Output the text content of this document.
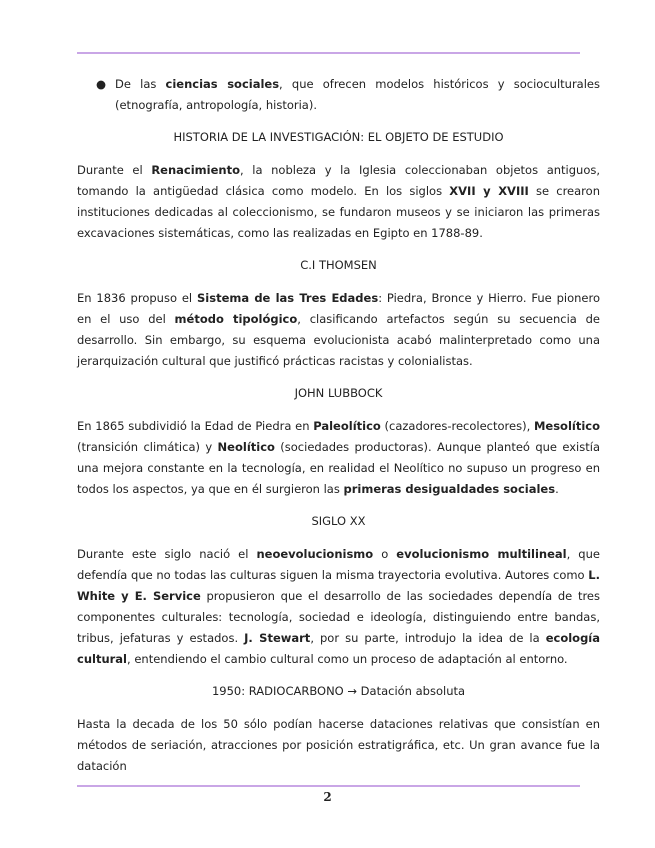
● De las ciencias sociales, que ofrecen modelos históricos y socioculturales (etnografía, antropología, historia).
HISTORIA DE LA INVESTIGACIÓN: EL OBJETO DE ESTUDIO

Durante el Renacimiento, la nobleza y la Iglesia coleccionaban objetos antiguos, tomando la antigüedad clásica como modelo. En los siglos XVII y XVIII se crearon instituciones dedicadas al coleccionismo, se fundaron museos y se iniciaron las primeras excavaciones sistemáticas, como las realizadas en Egipto en 1788-89.

C.I THOMSEN

En 1836 propuso el Sistema de las Tres Edades: Piedra, Bronce y Hierro. Fue pionero en el uso del método tipológico, clasificando artefactos según su secuencia de desarrollo. Sin embargo, su esquema evolucionista acabó malinterpretado como una jerarquización cultural que justificó prácticas racistas y colonialistas.

JOHN LUBBOCK

En 1865 subdividió la Edad de Piedra en Paleolítico (cazadores-recolectores), Mesolítico (transición climática) y Neolítico (sociedades productoras). Aunque planteó que existía una mejora constante en la tecnología, en realidad el Neolítico no supuso un progreso en todos los aspectos, ya que en él surgieron las primeras desigualdades sociales.

SIGLO XX

Durante este siglo nació el neoevolucionismo o evolucionismo multilineal, que defendía que no todas las culturas siguen la misma trayectoria evolutiva. Autores como L. White y E. Service propusieron que el desarrollo de las sociedades dependía de tres componentes culturales: tecnología, sociedad e ideología, distinguiendo entre bandas, tribus, jefaturas y estados. J. Stewart, por su parte, introdujo la idea de la ecología cultural, entendiendo el cambio cultural como un proceso de adaptación al entorno.

1950: RADIOCARBONO → Datación absoluta

Hasta la decada de los 50 sólo podían hacerse dataciones relativas que consistían en métodos de seriación, atracciones por posición estratigráfica, etc. Un gran avance fue la datación

2
